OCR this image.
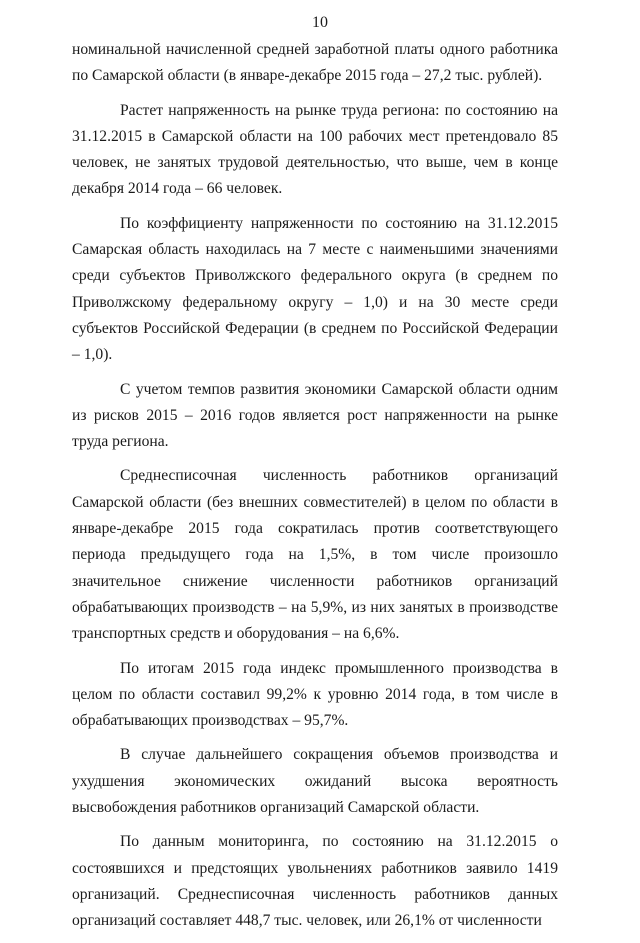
10

номинальной начисленной средней заработной платы одного работника по Самарской области (в январе-декабре 2015 года – 27,2 тыс. рублей).

Растет напряженность на рынке труда региона: по состоянию на 31.12.2015 в Самарской области на 100 рабочих мест претендовало 85 человек, не занятых трудовой деятельностью, что выше, чем в конце декабря 2014 года – 66 человек.

По коэффициенту напряженности по состоянию на 31.12.2015 Самарская область находилась на 7 месте с наименьшими значениями среди субъектов Приволжского федерального округа (в среднем по Приволжскому федеральному округу – 1,0) и на 30 месте среди субъектов Российской Федерации (в среднем по Российской Федерации – 1,0).

С учетом темпов развития экономики Самарской области одним из рисков 2015 – 2016 годов является рост напряженности на рынке труда региона.

Среднесписочная численность работников организаций Самарской области (без внешних совместителей) в целом по области в январе-декабре 2015 года сократилась против соответствующего периода предыдущего года на 1,5%, в том числе произошло значительное снижение численности работников организаций обрабатывающих производств – на 5,9%, из них занятых в производстве транспортных средств и оборудования – на 6,6%.

По итогам 2015 года индекс промышленного производства в целом по области составил 99,2% к уровню 2014 года, в том числе в обрабатывающих производствах – 95,7%.

В случае дальнейшего сокращения объемов производства и ухудшения экономических ожиданий высока вероятность высвобождения работников организаций Самарской области.

По данным мониторинга, по состоянию на 31.12.2015 о состоявшихся и предстоящих увольнениях работников заявило 1419 организаций. Среднесписочная численность работников данных организаций составляет 448,7 тыс. человек, или 26,1% от численности
